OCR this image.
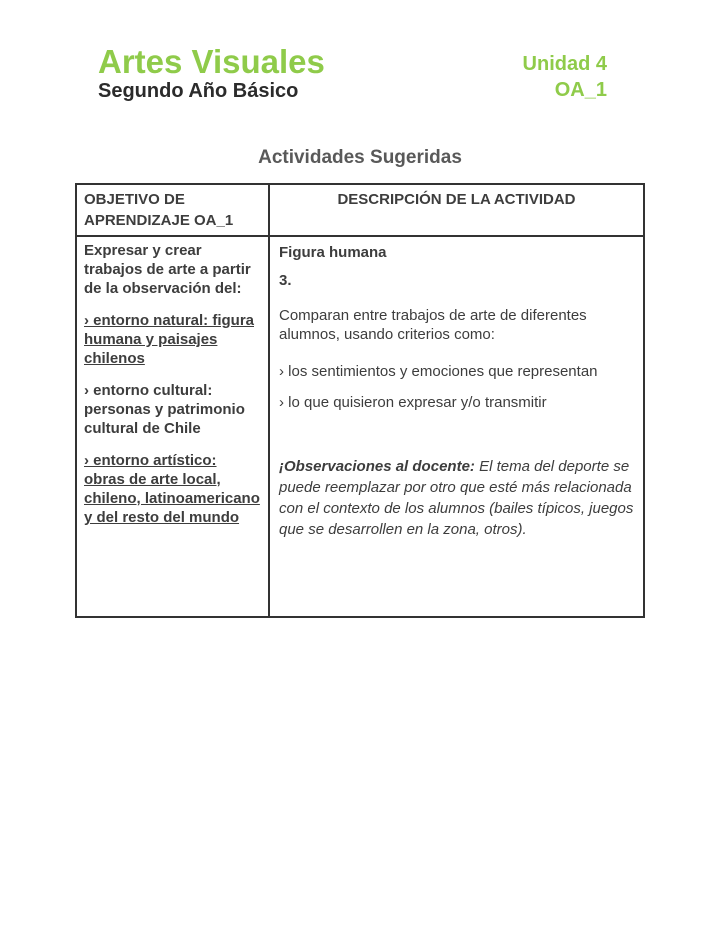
Artes Visuales
Segundo Año Básico
Unidad 4
OA_1
Actividades Sugeridas
OBJETIVO DE APRENDIZAJE OA_1
DESCRIPCIÓN DE LA ACTIVIDAD

Expresar y crear trabajos de arte a partir de la observación del:

› entorno natural: figura humana y paisajes chilenos

› entorno cultural: personas y patrimonio cultural de Chile

› entorno artístico: obras de arte local, chileno, latinoamericano y del resto del mundo

Figura humana

3.

Comparan entre trabajos de arte de diferentes alumnos, usando criterios como:

› los sentimientos y emociones que representan

› lo que quisieron expresar y/o transmitir

¡Observaciones al docente: El tema del deporte se puede reemplazar por otro que esté más relacionada con el contexto de los alumnos (bailes típicos, juegos que se desarrollen en la zona, otros).
